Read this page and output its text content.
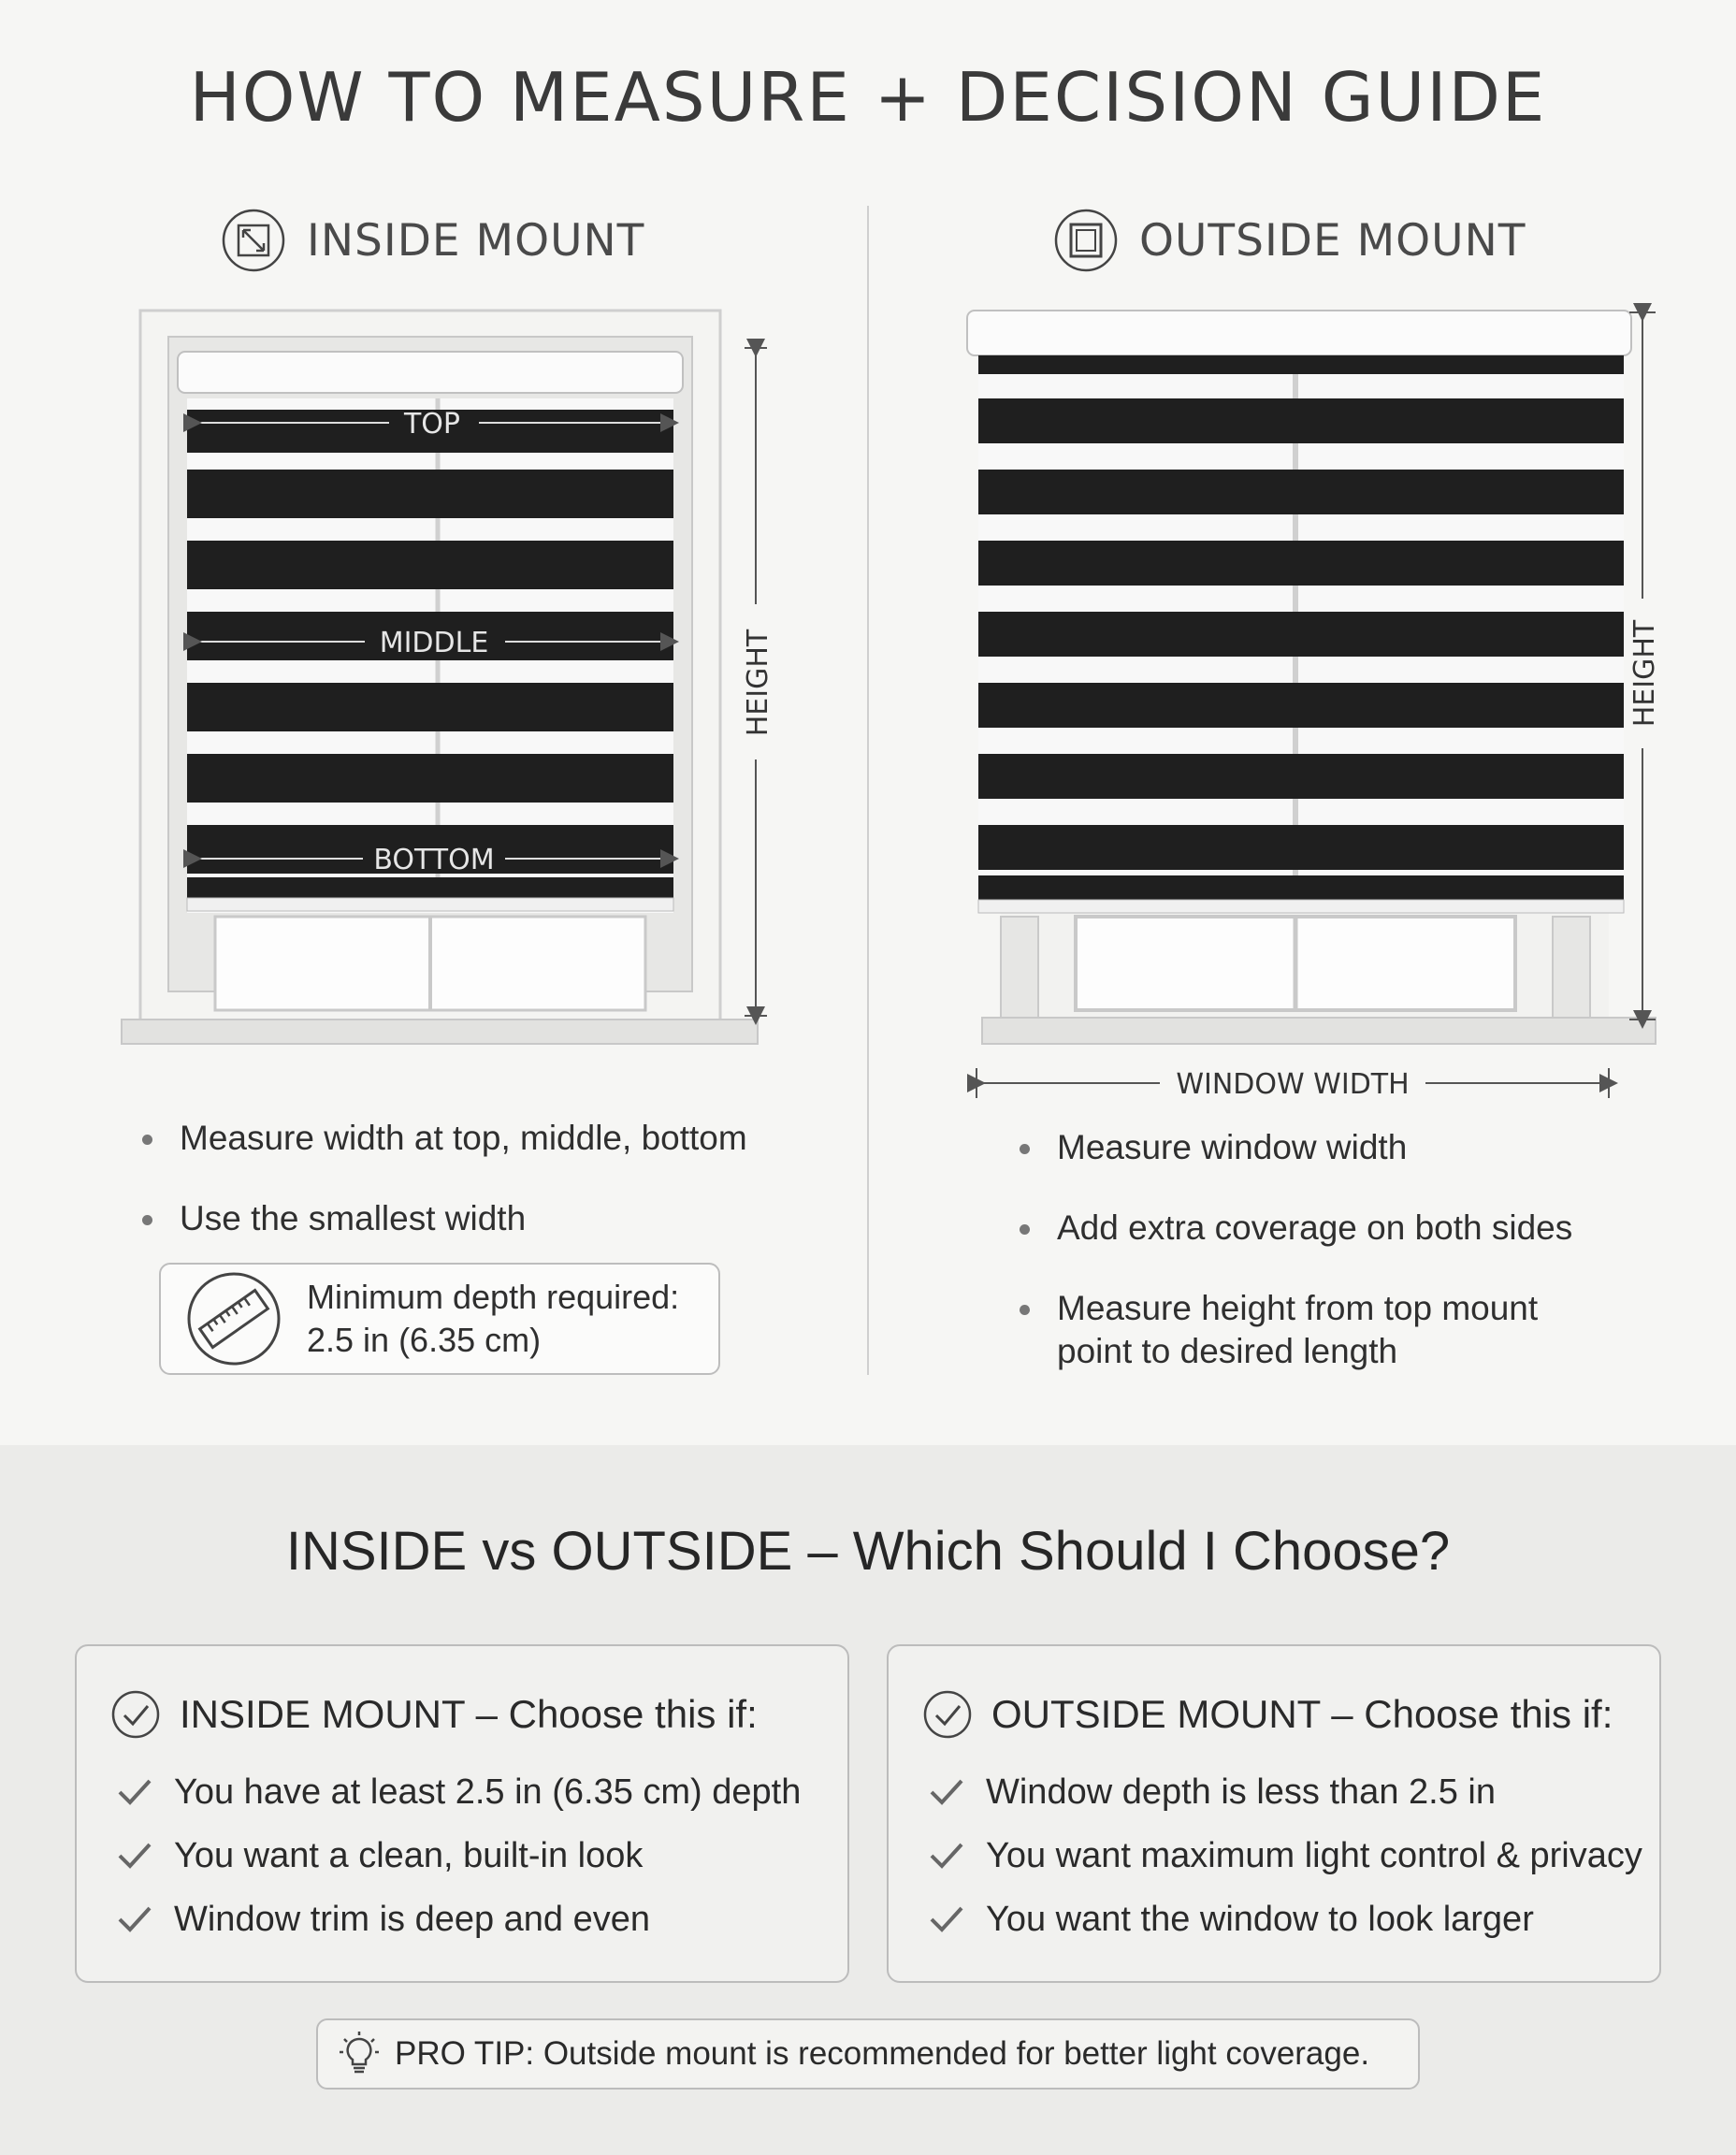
HOW TO MEASURE + DECISION GUIDE
INSIDE MOUNT	OUTSIDE MOUNT
TOP
MIDDLE
BOTTOM
HEIGHT	HEIGHT
WINDOW WIDTH
Measure width at top, middle, bottom
Use the smallest width
Minimum depth required:
2.5 in (6.35 cm)
Measure window width
Add extra coverage on both sides
Measure height from top mount point to desired length
INSIDE vs OUTSIDE – Which Should I Choose?
INSIDE MOUNT – Choose this if:
You have at least 2.5 in (6.35 cm) depth
You want a clean, built-in look
Window trim is deep and even
OUTSIDE MOUNT – Choose this if:
Window depth is less than 2.5 in
You want maximum light control & privacy
You want the window to look larger
PRO TIP: Outside mount is recommended for better light coverage.
